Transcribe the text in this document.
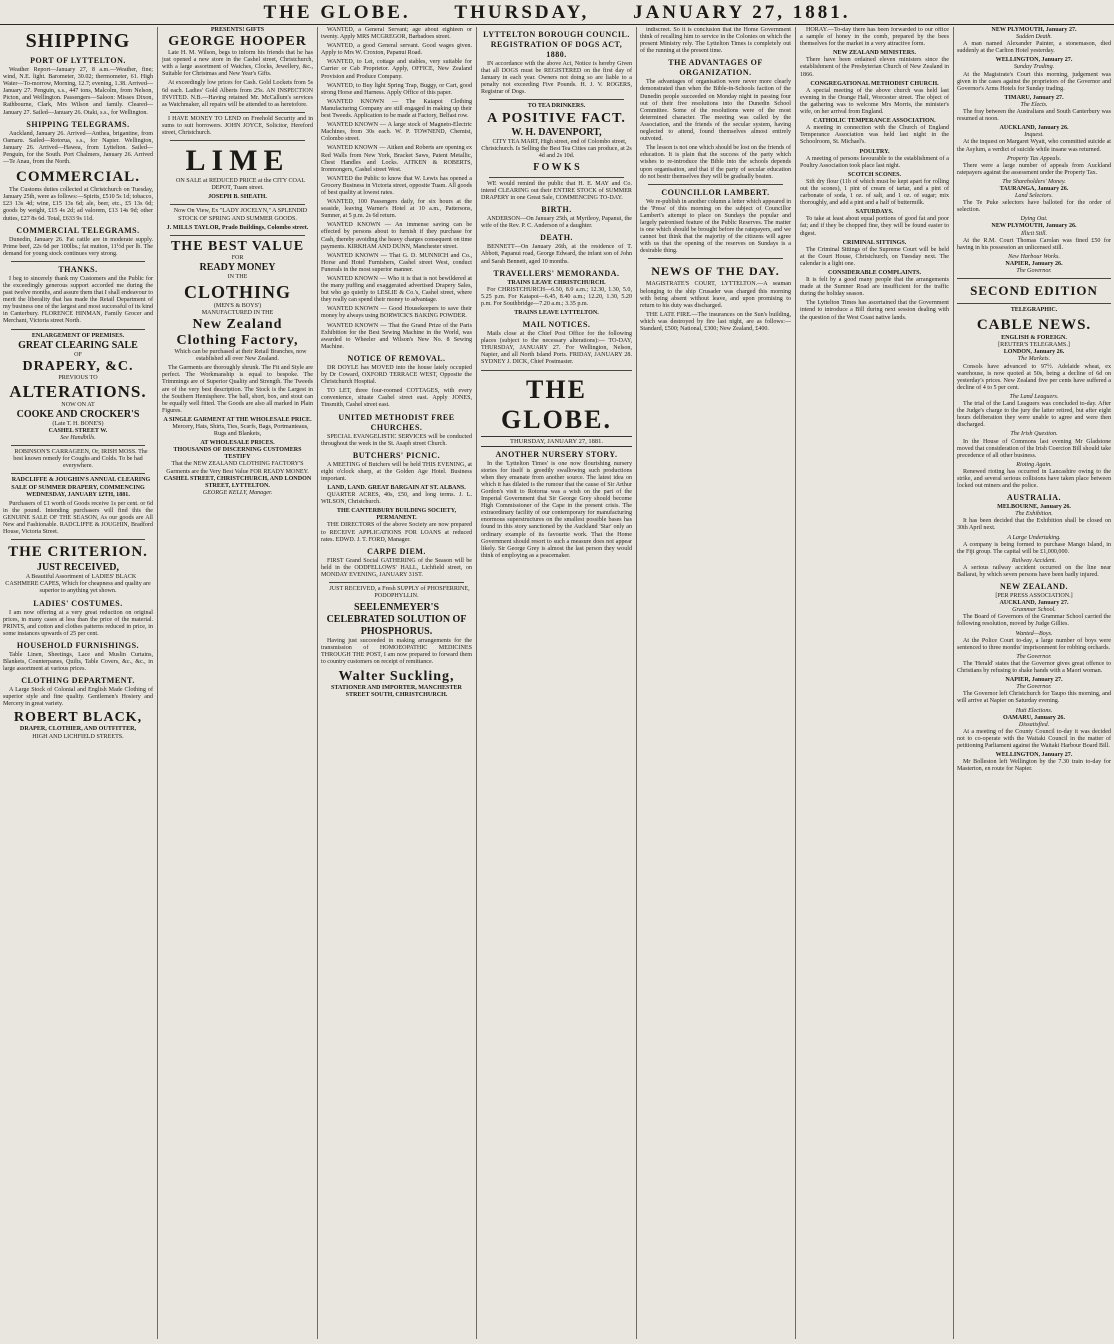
THE GLOBE. THURSDAY, JANUARY 27, 1881.
SHIPPING
PORT OF LYTTELTON.

Weather Report—January 27, 8 a.m.—Weather, fine; wind, N.E. light. Barometer, 30.02; thermometer, 61. High Water—To-morrow, Morning, 12.7; evening, 1.38. Arrived—January 27. Penguin, s.s., 447 tons, Malcolm, from Nelson, Picton, and Wellington. Passengers—Saloon: Misses Dixon, Rathbourne, Clark, Mrs Wilson and family. Cleared—January 27. Sailed—January 26. Otaki, s.s., for Wellington.

SHIPPING TELEGRAMS.

Auckland, January 26. Arrived—Anthea, brigantine, from Oamaru. Sailed—Rotorua, s.s., for Napier. Wellington, January 26. Arrived—Hawea, from Lyttelton. Sailed—Penguin, for the South. Port Chalmers, January 26. Arrived—Te Anau, from the North.

COMMERCIAL.

The Customs duties collected at Christchurch on Tuesday, January 25th, were as follows:—Spirits, £510 5s 1d; tobacco, £23 13s 4d; wine, £15 13s 6d; ale, beer, etc., £5 13s 6d; goods by weight, £15 4s 2d; ad valorem, £13 14s 9d; other duties, £27 8s 6d. Total, £633 9s 11d.

COMMERCIAL TELEGRAMS.

Dunedin, January 26. Fat cattle are in moderate supply. Prime beef, 22s 6d per 100lbs.; fat mutton, 11½d per lb. The demand for young stock continues very strong.

THANKS.

I beg to sincerely thank my Customers and the Public for the exceedingly generous support accorded me during the past twelve months, and assure them that I shall endeavour to merit the liberality that has made the Retail Department of my business one of the largest and most successful of its kind in Canterbury. FLORENCE HINMAN, Family Grocer and Merchant, Victoria street North.

ENLARGEMENT OF PREMISES.
GREAT CLEARING SALE
OF
DRAPERY, &C.
PREVIOUS TO
ALTERATIONS.
NOW ON AT
COOKE AND CROCKER'S
(Late T. H. BONE'S)
CASHEL STREET W.
See Handbills.

ROBINSON'S CARRAGEEN, Or, IRISH MOSS. The best known remedy for Coughs and Colds. To be had everywhere.

RADCLIFFE & JOUGHIN'S ANNUAL CLEARING SALE OF SUMMER DRAPERY, COMMENCING WEDNESDAY, JANUARY 12TH, 1881.

Purchasers of £1 worth of Goods receive 1s per cent. or 6d in the pound. Intending purchasers will find this the GENUINE SALE OF THE SEASON, As our goods are All New and Fashionable. RADCLIFFE & JOUGHIN, Bradford House, Victoria Street.

THE CRITERION.
JUST RECEIVED,

A Beautiful Assortment of LADIES' BLACK CASHMERE CAPES, Which for cheapness and quality are superior to anything yet shown.

LADIES' COSTUMES.

I am now offering at a very great reduction on original prices, in many cases at less than the price of the material. PRINTS, and cotton and clothes patterns reduced in price, in some instances upwards of 25 per cent.

HOUSEHOLD FURNISHINGS.

Table Linen, Sheetings, Lace and Muslin Curtains, Blankets, Counterpanes, Quilts, Table Covers, &c., &c., in large assortment at various prices.

CLOTHING DEPARTMENT.

A Large Stock of Colonial and English Made Clothing of superior style and fine quality. Gentlemen's Hosiery and Mercery in great variety.

ROBERT BLACK,
DRAPER, CLOTHIER, AND OUTFITTER,
HIGH AND LICHFIELD STREETS.
PRESENTS! GIFTS
GEORGE HOOPER

Late H. M. Wilson, begs to inform his friends that he has just opened a new store in the Cashel street, Christchurch, with a large assortment of Watches, Clocks, Jewellery, &c., Suitable for Christmas and New Year's Gifts.

At exceedingly low prices for Cash. Gold Lockets from 5s 6d each. Ladies' Gold Alberts from 25s. AN INSPECTION INVITED. N.B.—Having retained Mr. McCallum's services as Watchmaker, all repairs will be attended to as heretofore.

I HAVE MONEY TO LEND on Freehold Security and in sums to suit borrowers. JOHN JOYCE, Solicitor, Hereford street, Christchurch.

LIME

ON SALE at REDUCED PRICE at the CITY COAL DEPOT, Tuam street.

JOSEPH B. SHEATH.

Now On View, Ex "LADY JOCELYN," A SPLENDID STOCK OF SPRING AND SUMMER GOODS.

J. MILLS TAYLOR, Prado Buildings, Colombo street.
THE BEST VALUE
FOR
READY MONEY
IN THE
CLOTHING
(MEN'S & BOYS')
MANUFACTURED IN THE
New Zealand Clothing Factory,

Which can be purchased at their Retail Branches, now established all over New Zealand.

The Garments are thoroughly shrunk. The Fit and Style are perfect. The Workmanship is equal to bespoke. The Trimmings are of Superior Quality and Strength. The Tweeds are of the very best description. The Stock is the Largest in the Southern Hemisphere. The ball, short, box, and stout can be equally well fitted. The Goods are also all marked in Plain Figures.

A SINGLE GARMENT AT THE WHOLESALE PRICE.

Mercery, Hats, Shirts, Ties, Scarfs, Bags, Portmanteaus, Rugs and Blankets,

AT WHOLESALE PRICES.
THOUSANDS OF DISCERNING CUSTOMERS TESTIFY
That the NEW ZEALAND CLOTHING FACTORY'S
Garments are the Very Best Value FOR READY MONEY.
CASHEL STREET, CHRISTCHURCH, AND LONDON STREET, LYTTELTON.
GEORGE KELLY, Manager.

WANTED, a General Servant; age about eighteen or twenty. Apply MRS MCGREGOR, Barbadoes street.

WANTED, a good General servant. Good wages given. Apply to Mrs W. Croxton, Papanui Road.

WANTED, to Let, cottage and stables, very suitable for Carrier or Cab Proprietor. Apply, OFFICE, New Zealand Provision and Produce Company.

WANTED, to Buy light Spring Trap, Buggy, or Cart, good strong Horse and Harness. Apply Office of this paper.

WANTED KNOWN — The Kaiapoi Clothing Manufacturing Company are still engaged in making up their best Tweeds. Application to be made at Factory, Belfast row.

WANTED KNOWN — A large stock of Magneto-Electric Machines, from 30s each. W. P. TOWNEND, Chemist, Colombo street.

WANTED KNOWN — Aitken and Roberts are opening ex Red Walls from New York, Bracket Saws, Patent Metallic, Chest Handles and Locks. AITKEN & ROBERTS, Ironmongers, Cashel street West.

WANTED the Public to know that W. Lewis has opened a Grocery Business in Victoria street, opposite Tuam. All goods of best quality at lowest rates.

WANTED, 100 Passengers daily, for six hours at the seaside, leaving Warner's Hotel at 10 a.m., Pattersons, Sumner, at 5 p.m. 2s 6d return.

WANTED KNOWN — An immense saving can be effected by persons about to furnish if they purchase for Cash, thereby avoiding the heavy charges consequent on time payments. KIRKHAM AND DUNN, Manchester street.

WANTED KNOWN — That G. D. MUNNICH and Co., Horse and Hotel Furnishers, Cashel street West, conduct Funerals in the most superior manner.

WANTED KNOWN — Who it is that is not bewildered at the many puffing and exaggerated advertised Drapery Sales, but who go quietly to LESLIE & Co.'s, Cashel street, where they really can spend their money to advantage.

WANTED KNOWN — Good Housekeepers to save their money by always using BORWICK'S BAKING POWDER.

WANTED KNOWN — That the Grand Prize of the Paris Exhibition for the Best Sewing Machine in the World, was awarded to Wheeler and Wilson's New No. 8 Sewing Machine.

NOTICE OF REMOVAL.

DR DOYLE has MOVED into the house lately occupied by Dr Coward, OXFORD TERRACE WEST, Opposite the Christchurch Hospital.

TO LET, three four-roomed COTTAGES, with every convenience, situate Cashel street east. Apply JONES, Tinsmith, Cashel street east.

UNITED METHODIST FREE CHURCHES.

SPECIAL EVANGELISTIC SERVICES will be conducted throughout the week in the St. Asaph street Church.

BUTCHERS' PICNIC.

A MEETING of Butchers will be held THIS EVENING, at eight o'clock sharp, at the Golden Age Hotel. Business important.

LAND, LAND. GREAT BARGAIN AT ST. ALBANS.

QUARTER ACRES, 40s, £50, and long terms. J. L. WILSON, Christchurch.

THE CANTERBURY BUILDING SOCIETY, PERMANENT.

THE DIRECTORS of the above Society are now prepared to RECEIVE APPLICATIONS FOR LOANS at reduced rates. EDWD. J. T. FORD, Manager.

CARPE DIEM.

FIRST Grand Social GATHERING of the Season will be held in the ODDFELLOWS' HALL, Lichfield street, on MONDAY EVENING, JANUARY 31ST.

JUST RECEIVED, a Fresh SUPPLY of PHOSFERRINE, PODOPHYLLIN.

SEELENMEYER'S CELEBRATED SOLUTION OF PHOSPHORUS.

Having just succeeded in making arrangements for the transmission of HOMOEOPATHIC MEDICINES THROUGH THE POST, I am now prepared to forward them to country customers on receipt of remittance.

Walter Suckling,
STATIONER AND IMPORTER, MANCHESTER STREET SOUTH, CHRISTCHURCH.
LYTTELTON BOROUGH COUNCIL. REGISTRATION OF DOGS ACT, 1880.

IN accordance with the above Act, Notice is hereby Given that all DOGS must be REGISTERED on the first day of January in each year. Owners not doing so are liable to a penalty not exceeding Five Pounds. H. J. V. ROGERS, Registrar of Dogs.

TO TEA DRINKERS.
A POSITIVE FACT.
W. H. DAVENPORT,

CITY TEA MART, High street, end of Colombo street, Christchurch. Is Selling the Best Tea Cities can produce, at 2s 4d and 2s 10d.

F O W K S

WE would remind the public that H. E. MAY and Co. intend CLEARING out their ENTIRE STOCK of SUMMER DRAPERY in one Great Sale, COMMENCING TO-DAY.

BIRTH.

ANDERSON—On January 25th, at Myrtleoy, Papanui, the wife of the Rev. P. C. Anderson of a daughter.

DEATH.

BENNETT—On January 26th, at the residence of T. Abbott, Papanui road, George Edward, the infant son of John and Sarah Bennett, aged 10 months.

TRAVELLERS' MEMORANDA.
TRAINS LEAVE CHRISTCHURCH.

For CHRISTCHURCH—6.50, 8.0 a.m.; 12.30, 1.30, 5.0, 5.25 p.m. For Kaiapoi—6.45, 8.40 a.m.; 12.20, 1.30, 5.20 p.m. For Southbridge—7.20 a.m.; 3.35 p.m.

TRAINS LEAVE LYTTELTON.
MAIL NOTICES.

Mails close at the Chief Post Office for the following places (subject to the necessary alterations):— TO-DAY, THURSDAY, JANUARY 27. For Wellington, Nelson, Napier, and all North Island Ports. FRIDAY, JANUARY 28. SYDNEY J. DICK, Chief Postmaster.

THE GLOBE.
THURSDAY, JANUARY 27, 1881.
ANOTHER NURSERY STORY.

In the 'Lyttelton Times' is one now flourishing nursery stories for itself is greedily swallowing such productions when they emanate from another source. The latest idea on which it has dilated is the rumour that the cause of Sir Arthur Gordon's visit to Rotorua was a wish on the part of the Imperial Government that Sir George Grey should become High Commissioner of the Cape in the present crisis. The extraordinary facility of our contemporary for manufacturing enormous superstructures on the smallest possible bases has found in this story sanctioned by the Auckland 'Star' only an ordinary example of its favourite work. That the Home Government should resort to such a measure does not appear likely. Sir George Grey is almost the last person they would think of employing as a peacemaker.

indiscreet. So it is conclusion that the Home Government think of recalling him to service in the Colonies on which the present Ministry rely. The Lyttelton Times is completely out of the running at the present time.

THE ADVANTAGES OF ORGANIZATION.

The advantages of organisation were never more clearly demonstrated than when the Bible-in-Schools faction of the Dunedin people succeeded on Monday night in passing four out of their five resolutions into the Dunedin School Committee. Some of the resolutions were of the most determined character. The meeting was called by the Association, and the friends of the secular system, having neglected to attend, found themselves almost entirely outvoted.

The lesson is not one which should be lost on the friends of education. It is plain that the success of the party which wishes to re-introduce the Bible into the schools depends upon organisation, and that if the party of secular education do not bestir themselves they will be gradually beaten.

COUNCILLOR LAMBERT.

We re-publish in another column a letter which appeared in the 'Press' of this morning on the subject of Councillor Lambert's attempt to place on Sundays the popular and largely patronised feature of the Public Reserves. The matter is one which should be brought before the ratepayers, and we cannot but think that the majority of the citizens will agree with us that the opening of the reserves on Sundays is a desirable thing.

NEWS OF THE DAY.

MAGISTRATE'S COURT, LYTTELTON.—A seaman belonging to the ship Crusader was charged this morning with being absent without leave, and upon promising to return to his duty was discharged.

THE LATE FIRE.—The insurances on the Sun's building, which was destroyed by fire last night, are as follows:—Standard, £500; National, £300; New Zealand, £400.

HORAY.—To-day there has been forwarded to our office a sample of honey in the comb, prepared by the bees themselves for the market in a very attractive form.

NEW ZEALAND MINISTERS.

There have been ordained eleven ministers since the establishment of the Presbyterian Church of New Zealand in 1866.

CONGREGATIONAL METHODIST CHURCH.

A special meeting of the above church was held last evening in the Orange Hall, Worcester street. The object of the gathering was to welcome Mrs Morris, the minister's wife, on her arrival from England.

CATHOLIC TEMPERANCE ASSOCIATION.

A meeting in connection with the Church of England Temperance Association was held last night in the Schoolroom, St. Michael's.

POULTRY.

A meeting of persons favourable to the establishment of a Poultry Association took place last night.

SCOTCH SCONES.

Sift dry flour (11b of which must be kept apart for rolling out the scones), 1 pint of cream of tartar, and a pint of carbonate of soda, 1 oz. of salt, and 1 oz. of sugar; mix thoroughly, and add a pint and a half of buttermilk.

SATURDAYS.

To take at least about equal portions of good fat and poor fat; and if they be chopped fine, they will be found easier to digest.

CRIMINAL SITTINGS.

The Criminal Sittings of the Supreme Court will be held at the Court House, Christchurch, on Tuesday next. The calendar is a light one.

CONSIDERABLE COMPLAINTS.

It is felt by a good many people that the arrangements made at the Sumner Road are insufficient for the traffic during the holiday season.

The Lyttelton Times has ascertained that the Government intend to introduce a Bill during next session dealing with the question of the West Coast native lands.

NEW PLYMOUTH, January 27.
Sudden Death.

A man named Alexander Painter, a stonemason, died suddenly at the Carlton Hotel yesterday.

WELLINGTON, January 27.
Sunday Trading.

At the Magistrate's Court this morning, judgement was given in the cases against the proprietors of the Governor and Governor's Arms Hotels for Sunday trading.

TIMARU, January 27.
The Elects.

The fray between the Australians and South Canterbury was resumed at noon.

AUCKLAND, January 26.
Inquest.

At the inquest on Margaret Wyatt, who committed suicide at the Asylum, a verdict of suicide while insane was returned.

Property Tax Appeals.

There were a large number of appeals from Auckland ratepayers against the assessment under the Property Tax.

The Shareholders' Money.
TAURANGA, January 26.
Land Selectors.

The Te Puke selectors have balloted for the order of selection.

Dying Out.
NEW PLYMOUTH, January 26.
Illicit Still.

At the R.M. Court Thomas Carolan was fined £50 for having in his possession an unlicensed still.

New Harbour Works.
NAPIER, January 26.
The Governor.
SECOND EDITION
TELEGRAPHIC.
CABLE NEWS.
ENGLISH & FOREIGN.
[REUTER'S TELEGRAMS.]
LONDON, January 26.
The Markets.

Consols have advanced to 97½. Adelaide wheat, ex warehouse, is now quoted at 50s, being a decline of 6d on yesterday's prices. New Zealand five per cents have suffered a decline of 4 to 5 per cent.

The Land Leaguers.

The trial of the Land Leaguers was concluded to-day. After the Judge's charge to the jury the latter retired, but after eight hours deliberation they were unable to agree and were then discharged.

The Irish Question.

In the House of Commons last evening Mr Gladstone moved that consideration of the Irish Coercion Bill should take precedence of all other business.

Rioting Again.

Renewed rioting has occurred in Lancashire owing to the strike, and several serious collisions have taken place between locked out miners and the police.

AUSTRALIA.
MELBOURNE, January 26.
The Exhibition.

It has been decided that the Exhibition shall be closed on 30th April next.

A Large Undertaking.

A company is being formed to purchase Mango Island, in the Fiji group. The capital will be £1,000,000.

Railway Accident.

A serious railway accident occurred on the line near Ballarat, by which seven persons have been badly injured.

NEW ZEALAND.
[PER PRESS ASSOCIATION.]
AUCKLAND, January 27.
Grammar School.

The Board of Governors of the Grammar School carried the following resolution, moved by Judge Gillies.

Wanted—Boys.

At the Police Court to-day, a large number of boys were sentenced to three months' imprisonment for robbing orchards.

The Governor.

The 'Herald' states that the Governor gives great offence to Christians by refusing to shake hands with a Maori woman.

NAPIER, January 27.
The Governor.

The Governor left Christchurch for Taupo this morning, and will arrive at Napier on Saturday evening.

Hutt Elections.
OAMARU, January 26.
Dissatisfied.

At a meeting of the County Council to-day it was decided not to co-operate with the Waitaki Council in the matter of petitioning Parliament against the Waitaki Harbour Board Bill.

WELLINGTON, January 27.

Mr Bolleston left Wellington by the 7.30 train to-day for Masterton, en route for Napier.
